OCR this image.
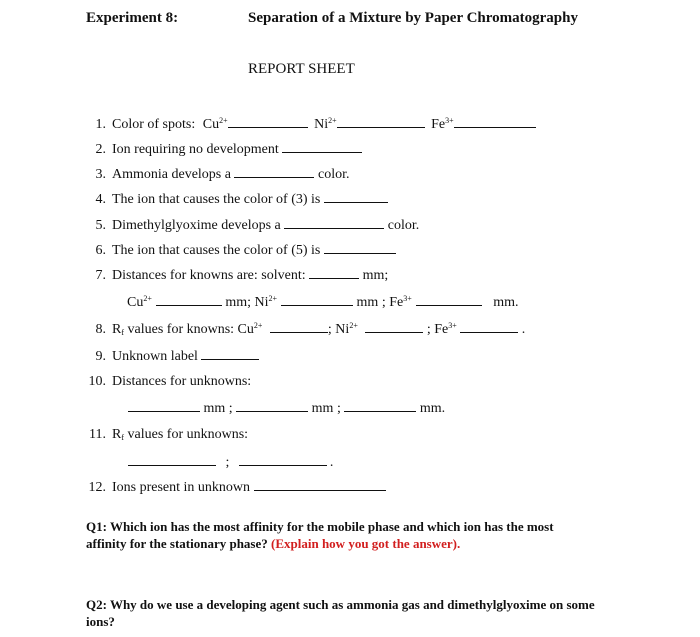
Experiment 8:	Separation of a Mixture by Paper Chromatography
REPORT SHEET
1. Color of spots: $Cu^{2+}$	$Ni^{2+}$	$Fe^{3+}$
2. Ion requiring no development
3. Ammonia develops a	color.
4. The ion that causes the color of (3) is
5. Dimethylglyoxime develops a	color.
6. The ion that causes the color of (5) is
7. Distances for knowns are: solvent:	mm;
$Cu^{2+}$	mm; $Ni^{2+}$	mm ; $Fe^{3+}$	mm.
8. $R_f$ values for knowns: $Cu^{2+}$	; $Ni^{2+}$	; $Fe^{3+}$	.
9. Unknown label
10. Distances for unknowns:
mm ;	mm ;	mm.
11. $R_f$ values for unknowns:
;	.
12. Ions present in unknown
Q1: Which ion has the most affinity for the mobile phase and which ion has the most affinity for the stationary phase? (Explain how you got the answer).
Q2: Why do we use a developing agent such as ammonia gas and dimethylglyoxime on some ions?
